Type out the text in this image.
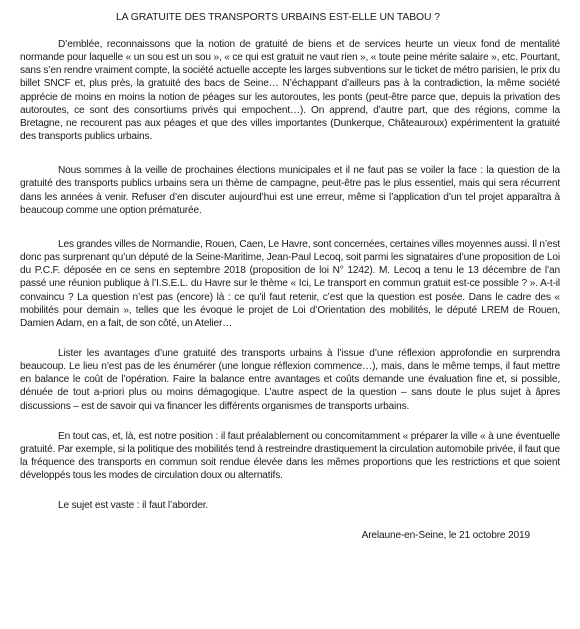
LA GRATUITE DES TRANSPORTS URBAINS EST-ELLE UN TABOU ?

D’emblée, reconnaissons que la notion de gratuité de biens et de services heurte un vieux fond de mentalité normande pour laquelle « un sou est un sou », « ce qui est gratuit ne vaut rien », « toute peine mérite salaire », etc. Pourtant, sans s’en rendre vraiment compte, la société actuelle accepte les larges subventions sur le ticket de métro parisien, le prix du billet SNCF et, plus près, la gratuité des bacs de Seine… N’échappant d’ailleurs pas à la contradiction, la même société apprécie de moins en moins la notion de péages sur les autoroutes, les ponts (peut-être parce que, depuis la privation des autoroutes, ce sont des consortiums privés qui empochent…). On apprend, d’autre part, que des régions, comme la Bretagne, ne recourent pas aux péages et que des villes importantes (Dunkerque, Châteauroux) expérimentent la gratuité des transports publics urbains.

Nous sommes à la veille de prochaines élections municipales et il ne faut pas se voiler la face : la question de la gratuité des transports publics urbains sera un thème de campagne, peut-être pas le plus essentiel, mais qui sera récurrent dans les années à venir. Refuser d’en discuter aujourd’hui est une erreur, même si l’application d’un tel projet apparaîtra à beaucoup comme une option prématurée.

Les grandes villes de Normandie, Rouen, Caen, Le Havre, sont concernées, certaines villes moyennes aussi. Il n’est donc pas surprenant qu’un député de la Seine-Maritime, Jean-Paul Lecoq, soit parmi les signataires d’une proposition de Loi du P.C.F. déposée en ce sens en septembre 2018 (proposition de loi N° 1242). M. Lecoq a tenu le 13 décembre de l’an passé une réunion publique à l’I.S.E.L. du Havre sur le thème « Ici, Le transport en commun gratuit est-ce possible ? ». A-t-il convaincu ? La question n’est pas (encore) là : ce qu’il faut retenir, c’est que la question est posée. Dans le cadre des « mobilités pour demain », telles que les évoque le projet de Loi d’Orientation des mobilités, le député LREM de Rouen, Damien Adam, en a fait, de son côté, un Atelier…

Lister les avantages d’une gratuité des transports urbains à l’issue d’une réflexion approfondie en surprendra beaucoup. Le lieu n’est pas de les énumérer (une longue réflexion commence…), mais, dans le même temps, il faut mettre en balance le coût de l’opération. Faire la balance entre avantages et coûts demande une évaluation fine et, si possible, dénuée de tout a-priori plus ou moins démagogique. L’autre aspect de la question – sans doute le plus sujet à âpres discussions – est de savoir qui va financer les différents organismes de transports urbains.

En tout cas, et, là, est notre position : il faut préalablement ou concomitamment « préparer la ville « à une éventuelle gratuité. Par exemple, si la politique des mobilités tend à restreindre drastiquement la circulation automobile privée, il faut que la fréquence des transports en commun soit rendue élevée dans les mêmes proportions que les restrictions et que soient développés tous les modes de circulation doux ou alternatifs.

Le sujet est vaste : il faut l’aborder.

Arelaune-en-Seine, le 21 octobre 2019
